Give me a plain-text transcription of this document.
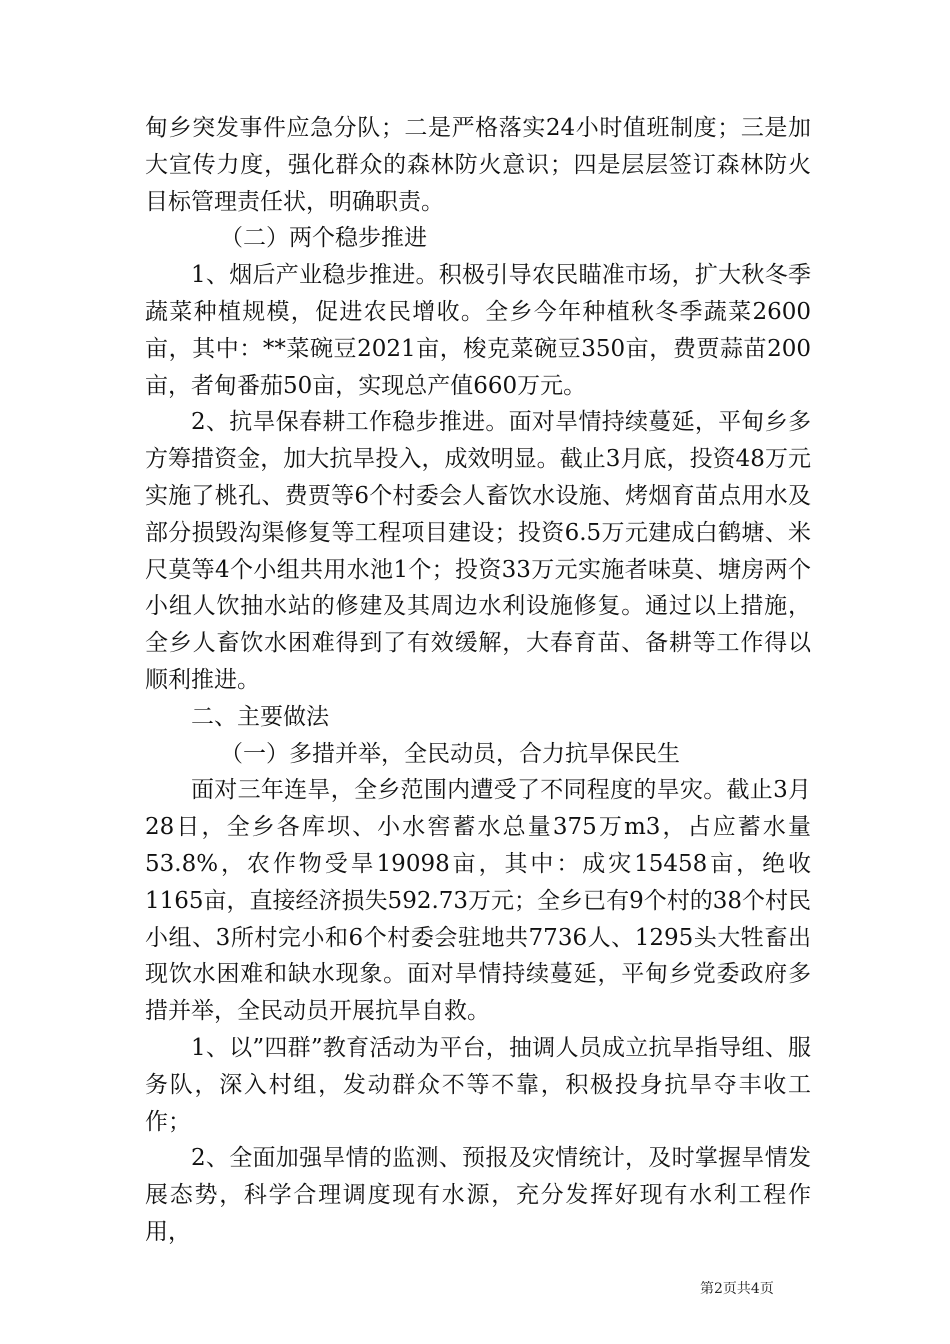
甸乡突发事件应急分队；二是严格落实24小时值班制度；三是加大宣传力度，强化群众的森林防火意识；四是层层签订森林防火目标管理责任状，明确职责。

（二）两个稳步推进

1、烟后产业稳步推进。积极引导农民瞄准市场，扩大秋冬季蔬菜种植规模，促进农民增收。全乡今年种植秋冬季蔬菜2600亩，其中：**菜碗豆2021亩，梭克菜碗豆350亩，费贾蒜苗200亩，者甸番茄50亩，实现总产值660万元。

2、抗旱保春耕工作稳步推进。面对旱情持续蔓延，平甸乡多方筹措资金，加大抗旱投入，成效明显。截止3月底，投资48万元实施了桃孔、费贾等6个村委会人畜饮水设施、烤烟育苗点用水及部分损毁沟渠修复等工程项目建设；投资6.5万元建成白鹤塘、米尺莫等4个小组共用水池1个；投资33万元实施者味莫、塘房两个小组人饮抽水站的修建及其周边水利设施修复。通过以上措施，全乡人畜饮水困难得到了有效缓解，大春育苗、备耕等工作得以顺利推进。

二、主要做法

（一）多措并举，全民动员，合力抗旱保民生

面对三年连旱，全乡范围内遭受了不同程度的旱灾。截止3月28日，全乡各库坝、小水窖蓄水总量375万m3，占应蓄水量53.8%，农作物受旱19098亩，其中：成灾15458亩，绝收1165亩，直接经济损失592.73万元；全乡已有9个村的38个村民小组、3所村完小和6个村委会驻地共7736人、1295头大牲畜出现饮水困难和缺水现象。面对旱情持续蔓延，平甸乡党委政府多措并举，全民动员开展抗旱自救。

1、以”四群”教育活动为平台，抽调人员成立抗旱指导组、服务队，深入村组，发动群众不等不靠，积极投身抗旱夺丰收工作；

2、全面加强旱情的监测、预报及灾情统计，及时掌握旱情发展态势，科学合理调度现有水源，充分发挥好现有水利工程作用，

第2页共4页
